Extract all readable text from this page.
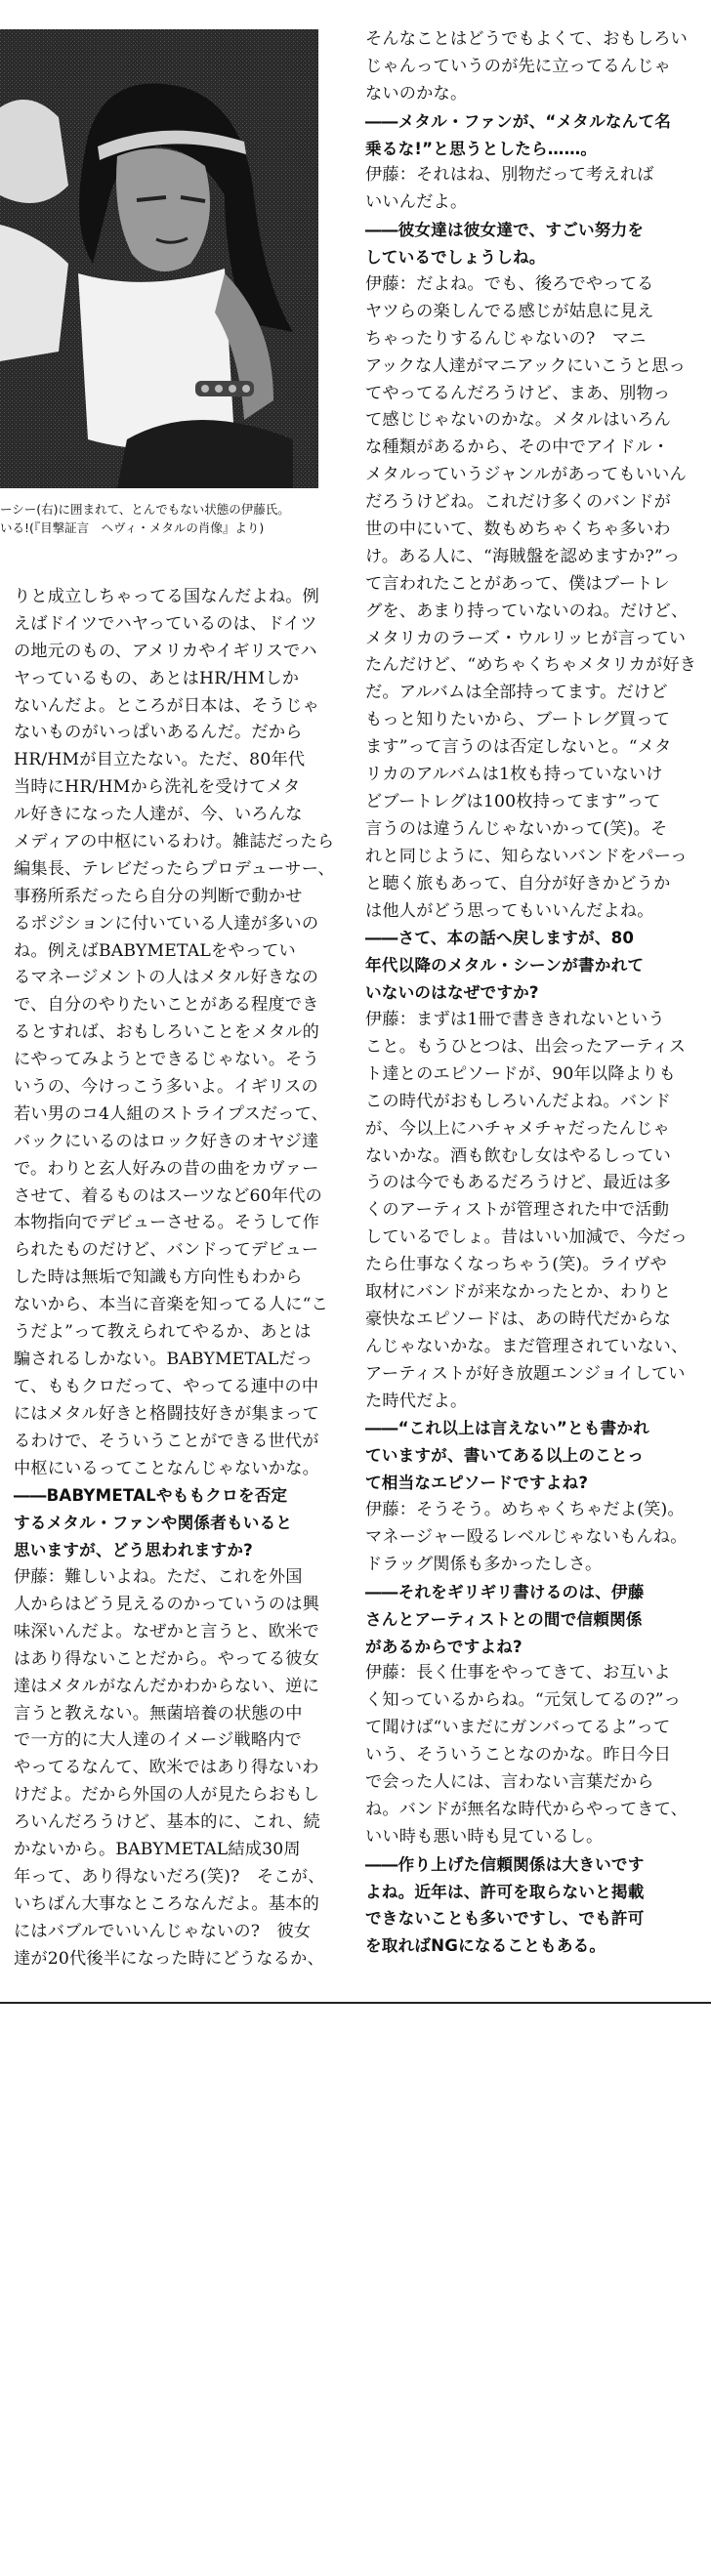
ーシー(右)に囲まれて、とんでもない状態の伊藤氏。
いる!(『目撃証言　ヘヴィ・メタルの肖像』より)
りと成立しちゃってる国なんだよね。例
えばドイツでハヤっているのは、ドイツ
の地元のもの、アメリカやイギリスでハ
ヤっているもの、あとはHR/HMしか
ないんだよ。ところが日本は、そうじゃ
ないものがいっぱいあるんだ。だから
HR/HMが目立たない。ただ、80年代
当時にHR/HMから洗礼を受けてメタ
ル好きになった人達が、今、いろんな
メディアの中枢にいるわけ。雑誌だったら
編集長、テレビだったらプロデューサー、
事務所系だったら自分の判断で動かせ
るポジションに付いている人達が多いの
ね。例えばBABYMETALをやってい
るマネージメントの人はメタル好きなの
で、自分のやりたいことがある程度でき
るとすれば、おもしろいことをメタル的
にやってみようとできるじゃない。そう
いうの、今けっこう多いよ。イギリスの
若い男のコ4人組のストライプスだって、
バックにいるのはロック好きのオヤジ達
で。わりと玄人好みの昔の曲をカヴァー
させて、着るものはスーツなど60年代の
本物指向でデビューさせる。そうして作
られたものだけど、バンドってデビュー
した時は無垢で知識も方向性もわから
ないから、本当に音楽を知ってる人に“こ
うだよ”って教えられてやるか、あとは
騙されるしかない。BABYMETALだっ
て、ももクロだって、やってる連中の中
にはメタル好きと格闘技好きが集まって
るわけで、そういうことができる世代が
中枢にいるってことなんじゃないかな。
――BABYMETALやももクロを否定
するメタル・ファンや関係者もいると
思いますが、どう思われますか?
伊藤：難しいよね。ただ、これを外国
人からはどう見えるのかっていうのは興
味深いんだよ。なぜかと言うと、欧米で
はあり得ないことだから。やってる彼女
達はメタルがなんだかわからない、逆に
言うと教えない。無菌培養の状態の中
で一方的に大人達のイメージ戦略内で
やってるなんて、欧米ではあり得ないわ
けだよ。だから外国の人が見たらおもし
ろいんだろうけど、基本的に、これ、続
かないから。BABYMETAL結成30周
年って、あり得ないだろ(笑)?　そこが、
いちばん大事なところなんだよ。基本的
にはバブルでいいんじゃないの?　彼女
達が20代後半になった時にどうなるか、
そんなことはどうでもよくて、おもしろい
じゃんっていうのが先に立ってるんじゃ
ないのかな。
――メタル・ファンが、“メタルなんて名
乗るな!”と思うとしたら……。
伊藤：それはね、別物だって考えれば
いいんだよ。
――彼女達は彼女達で、すごい努力を
しているでしょうしね。
伊藤：だよね。でも、後ろでやってる
ヤツらの楽しんでる感じが姑息に見え
ちゃったりするんじゃないの?　マニ
アックな人達がマニアックにいこうと思っ
てやってるんだろうけど、まあ、別物っ
て感じじゃないのかな。メタルはいろん
な種類があるから、その中でアイドル・
メタルっていうジャンルがあってもいいん
だろうけどね。これだけ多くのバンドが
世の中にいて、数もめちゃくちゃ多いわ
け。ある人に、“海賊盤を認めますか?”っ
て言われたことがあって、僕はブートレ
グを、あまり持っていないのね。だけど、
メタリカのラーズ・ウルリッヒが言ってい
たんだけど、“めちゃくちゃメタリカが好き
だ。アルバムは全部持ってます。だけど
もっと知りたいから、ブートレグ買って
ます”って言うのは否定しないと。“メタ
リカのアルバムは1枚も持っていないけ
どブートレグは100枚持ってます”って
言うのは違うんじゃないかって(笑)。そ
れと同じように、知らないバンドをパーっ
と聴く旅もあって、自分が好きかどうか
は他人がどう思ってもいいんだよね。
――さて、本の話へ戻しますが、80
年代以降のメタル・シーンが書かれて
いないのはなぜですか?
伊藤：まずは1冊で書ききれないという
こと。もうひとつは、出会ったアーティス
ト達とのエピソードが、90年以降よりも
この時代がおもしろいんだよね。バンド
が、今以上にハチャメチャだったんじゃ
ないかな。酒も飲むし女はやるしってい
うのは今でもあるだろうけど、最近は多
くのアーティストが管理された中で活動
しているでしょ。昔はいい加減で、今だっ
たら仕事なくなっちゃう(笑)。ライヴや
取材にバンドが来なかったとか、わりと
豪快なエピソードは、あの時代だからな
んじゃないかな。まだ管理されていない、
アーティストが好き放題エンジョイしてい
た時代だよ。
――“これ以上は言えない”とも書かれ
ていますが、書いてある以上のことっ
て相当なエピソードですよね?
伊藤：そうそう。めちゃくちゃだよ(笑)。
マネージャー殴るレベルじゃないもんね。
ドラッグ関係も多かったしさ。
――それをギリギリ書けるのは、伊藤
さんとアーティストとの間で信頼関係
があるからですよね?
伊藤：長く仕事をやってきて、お互いよ
く知っているからね。“元気してるの?”っ
て聞けば“いまだにガンバってるよ”って
いう、そういうことなのかな。昨日今日
で会った人には、言わない言葉だから
ね。バンドが無名な時代からやってきて、
いい時も悪い時も見ているし。
――作り上げた信頼関係は大きいです
よね。近年は、許可を取らないと掲載
できないことも多いですし、でも許可
を取ればNGになることもある。
